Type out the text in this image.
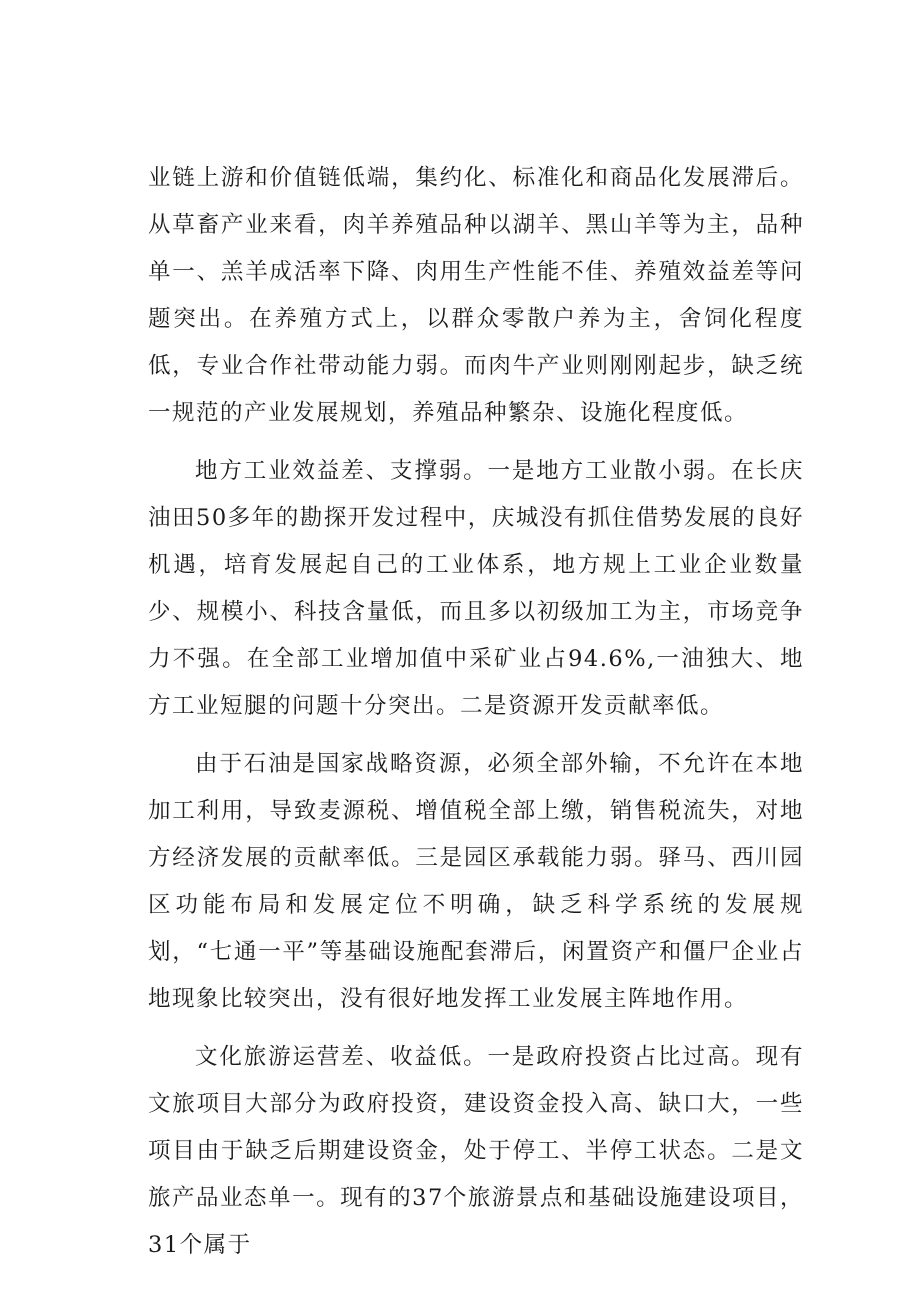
业链上游和价值链低端，集约化、标准化和商品化发展滞后。从草畜产业来看，肉羊养殖品种以湖羊、黑山羊等为主，品种单一、羔羊成活率下降、肉用生产性能不佳、养殖效益差等问题突出。在养殖方式上，以群众零散户养为主，舍饲化程度低，专业合作社带动能力弱。而肉牛产业则刚刚起步，缺乏统一规范的产业发展规划，养殖品种繁杂、设施化程度低。

地方工业效益差、支撑弱。一是地方工业散小弱。在长庆油田50多年的勘探开发过程中，庆城没有抓住借势发展的良好机遇，培育发展起自己的工业体系，地方规上工业企业数量少、规模小、科技含量低，而且多以初级加工为主，市场竞争力不强。在全部工业增加值中采矿业占94.6%,一油独大、地方工业短腿的问题十分突出。二是资源开发贡献率低。

由于石油是国家战略资源，必须全部外输，不允许在本地加工利用，导致麦源税、增值税全部上缴，销售税流失，对地方经济发展的贡献率低。三是园区承载能力弱。驿马、西川园区功能布局和发展定位不明确，缺乏科学系统的发展规划，“七通一平”等基础设施配套滞后，闲置资产和僵尸企业占地现象比较突出，没有很好地发挥工业发展主阵地作用。

文化旅游运营差、收益低。一是政府投资占比过高。现有文旅项目大部分为政府投资，建设资金投入高、缺口大，一些项目由于缺乏后期建设资金，处于停工、半停工状态。二是文旅产品业态单一。现有的37个旅游景点和基础设施建设项目，31个属于
